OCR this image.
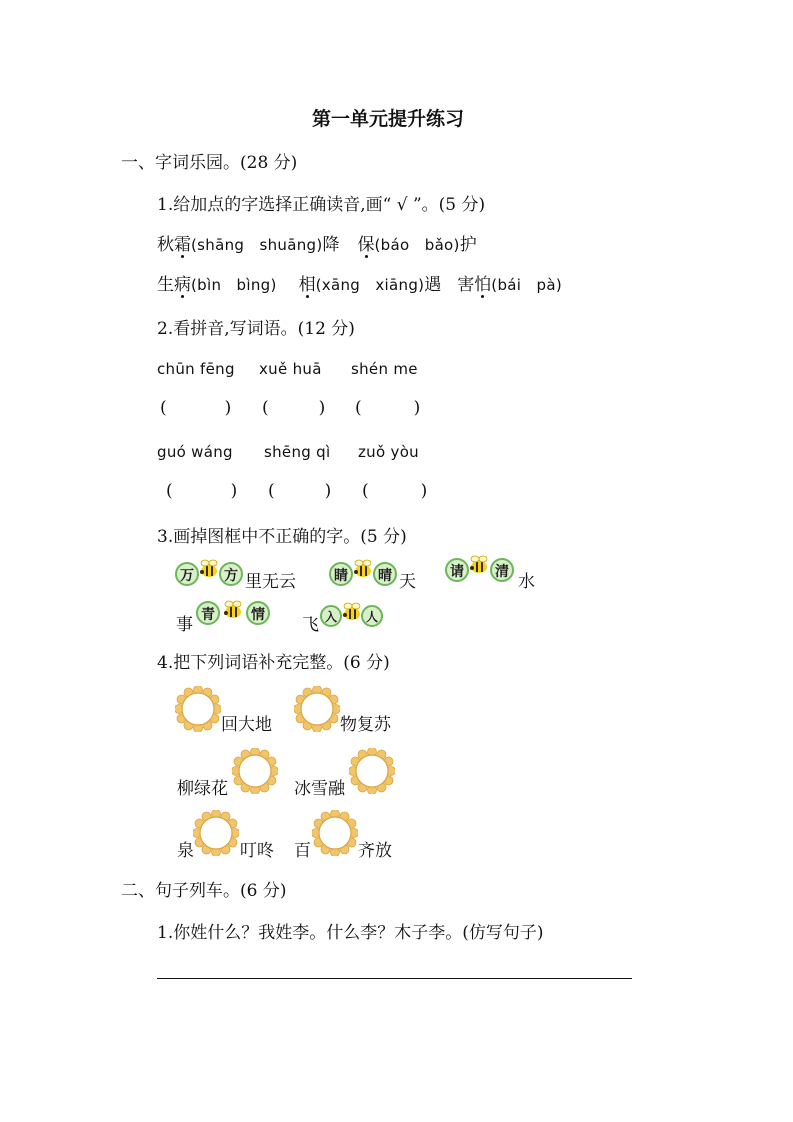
第一单元提升练习
一、字词乐园。(28 分)
1.给加点的字选择正确读音,画“ √ ”。(5 分)
秋霜(shāng　shuāng)降 保(báo　bǎo)护
生病(bìn　bìng) 相(xāng　xiāng)遇 害怕(bái　pà)
2.看拼音,写词语。(12 分)
chūn fēng xuě huā shén me
(	) (	) (	)
guó wáng shēng qì zuǒ yòu
(	) (	) (	)
3.画掉图框中不正确的字。(5 分)
万	方 里无云	睛	晴 天	请	清 水
事 青	情 飞 入	人
4.把下列词语补充完整。(6 分)
回大地	物复苏
柳绿花	冰雪融
泉	叮咚 百	齐放
二、句子列车。(6 分)
1.你姓什么？我姓李。什么李？木子李。(仿写句子)
